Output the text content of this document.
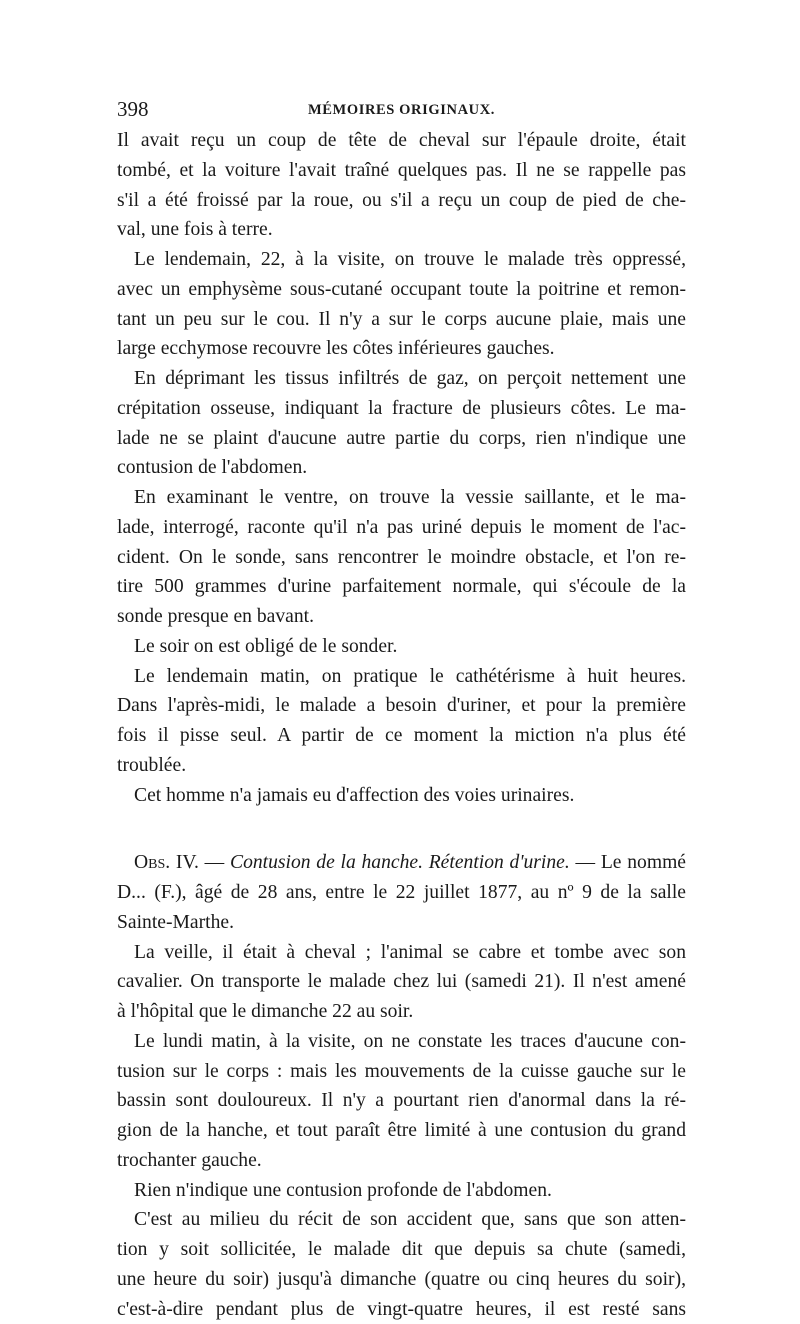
398	MÉMOIRES ORIGINAUX.
Il avait reçu un coup de tête de cheval sur l'épaule droite, était
tombé, et la voiture l'avait traîné quelques pas. Il ne se rappelle pas
s'il a été froissé par la roue, ou s'il a reçu un coup de pied de che-
val, une fois à terre.
Le lendemain, 22, à la visite, on trouve le malade très oppressé,
avec un emphysème sous-cutané occupant toute la poitrine et remon-
tant un peu sur le cou. Il n'y a sur le corps aucune plaie, mais une
large ecchymose recouvre les côtes inférieures gauches.
En déprimant les tissus infiltrés de gaz, on perçoit nettement une
crépitation osseuse, indiquant la fracture de plusieurs côtes. Le ma-
lade ne se plaint d'aucune autre partie du corps, rien n'indique une
contusion de l'abdomen.
En examinant le ventre, on trouve la vessie saillante, et le ma-
lade, interrogé, raconte qu'il n'a pas uriné depuis le moment de l'ac-
cident. On le sonde, sans rencontrer le moindre obstacle, et l'on re-
tire 500 grammes d'urine parfaitement normale, qui s'écoule de la
sonde presque en bavant.
Le soir on est obligé de le sonder.
Le lendemain matin, on pratique le cathétérisme à huit heures.
Dans l'après-midi, le malade a besoin d'uriner, et pour la première
fois il pisse seul. A partir de ce moment la miction n'a plus été
troublée.
Cet homme n'a jamais eu d'affection des voies urinaires.
Obs. IV. — Contusion de la hanche. Rétention d'urine. — Le nommé
D... (F.), âgé de 28 ans, entre le 22 juillet 1877, au nº 9 de la salle
Sainte-Marthe.
La veille, il était à cheval ; l'animal se cabre et tombe avec son
cavalier. On transporte le malade chez lui (samedi 21). Il n'est amené
à l'hôpital que le dimanche 22 au soir.
Le lundi matin, à la visite, on ne constate les traces d'aucune con-
tusion sur le corps : mais les mouvements de la cuisse gauche sur le
bassin sont douloureux. Il n'y a pourtant rien d'anormal dans la ré-
gion de la hanche, et tout paraît être limité à une contusion du grand
trochanter gauche.
Rien n'indique une contusion profonde de l'abdomen.
C'est au milieu du récit de son accident que, sans que son atten-
tion y soit sollicitée, le malade dit que depuis sa chute (samedi,
une heure du soir) jusqu'à dimanche (quatre ou cinq heures du soir),
c'est-à-dire pendant plus de vingt-quatre heures, il est resté sans
